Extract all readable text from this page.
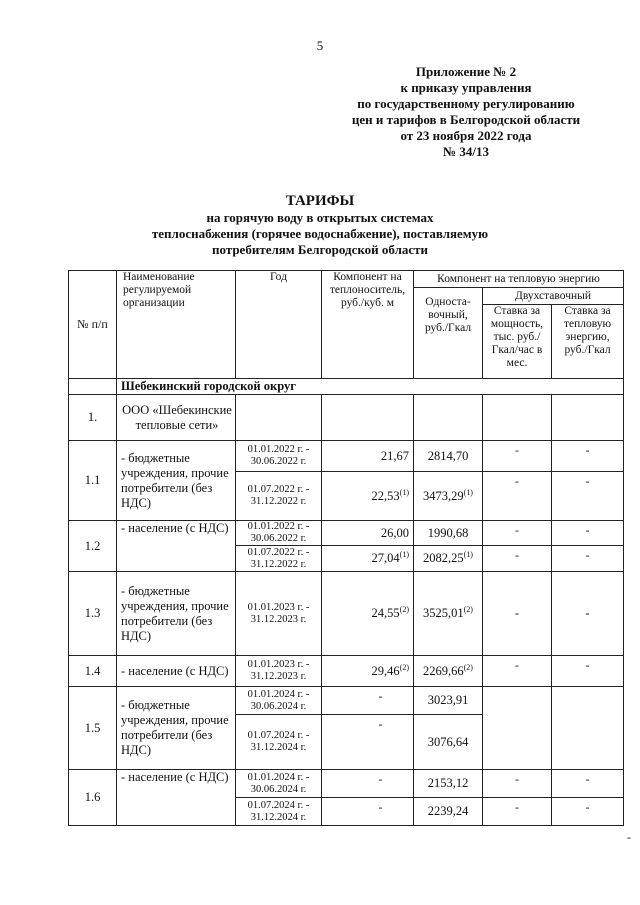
5
Приложение № 2
к приказу управления
по государственному регулированию
цен и тарифов в Белгородской области
от 23 ноября 2022 года
№ 34/13
ТАРИФЫ
на горячую воду в открытых системах
теплоснабжения (горячее водоснабжение), поставляемую
потребителям Белгородской области
№ п/п	Наименование регулируемой организации	Год	Компонент на теплоноситель, руб./куб. м	Компонент на тепловую энергию		
				Односта-вочный, руб./Гкал	Двухставочный	
					Ставка за мощность, тыс. руб./ Гкал/час в мес.	Ставка за тепловую энергию, руб./Гкал
	Шебекинский городской округ					
1.	ООО «Шебекинские тепловые сети»					
1.1	- бюджетные учреждения, прочие потребители (без НДС)	01.01.2022 г. - 30.06.2022 г.	21,67	2814,70	-	-
		01.07.2022 г. - 31.12.2022 г.	22,53$^{(1)}$	3473,29$^{(1)}$	-	-
1.2	- население (с НДС)	01.01.2022 г. - 30.06.2022 г.	26,00	1990,68	-	-
		01.07.2022 г. - 31.12.2022 г.	27,04$^{(1)}$	2082,25$^{(1)}$	-	-
1.3	- бюджетные учреждения, прочие потребители (без НДС)	01.01.2023 г. - 31.12.2023 г.	24,55$^{(2)}$	3525,01$^{(2)}$	-	-
1.4	- население (с НДС)	01.01.2023 г. - 31.12.2023 г.	29,46$^{(2)}$	2269,66$^{(2)}$	-	-
1.5	- бюджетные учреждения, прочие потребители (без НДС)	01.01.2024 г. - 30.06.2024 г.	-	3023,91		
		01.07.2024 г. - 31.12.2024 г.	-	3076,64		
1.6	- население (с НДС)	01.01.2024 г. - 30.06.2024 г.	-	2153,12	-	-
		01.07.2024 г. - 31.12.2024 г.	-	2239,24	-	-
-
